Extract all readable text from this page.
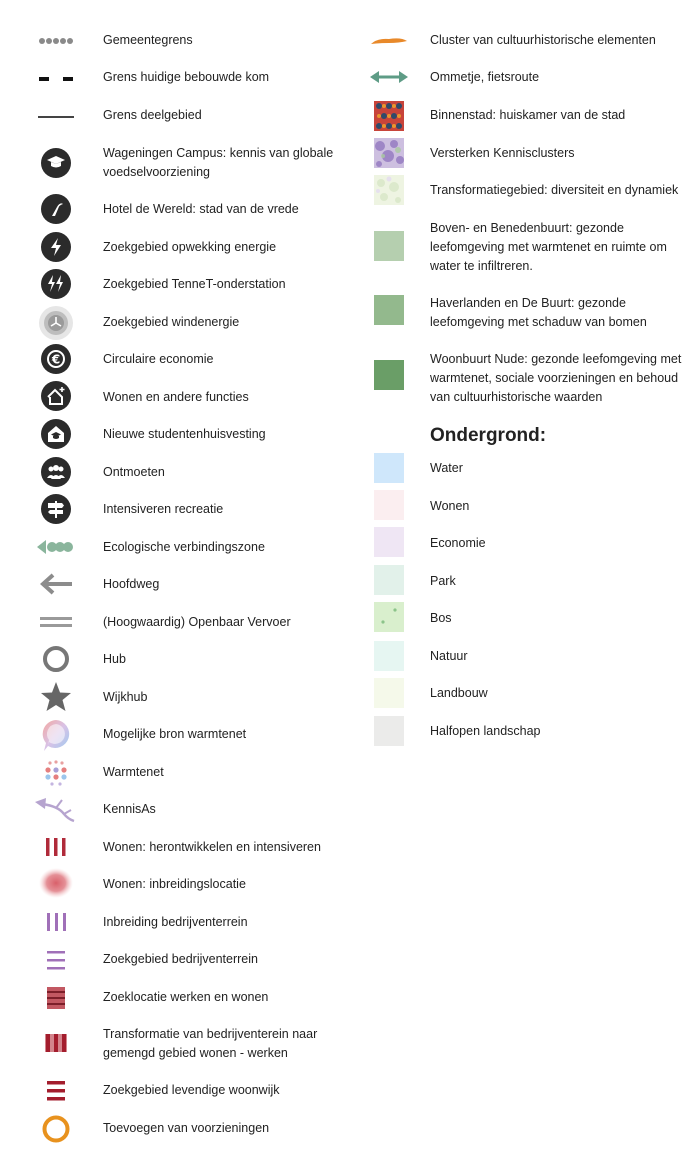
Gemeentegrens
Grens huidige bebouwde kom
Grens deelgebied
Wageningen Campus: kennis van globale voedselvoorziening
Hotel de Wereld: stad van de vrede
Zoekgebied opwekking energie
Zoekgebied TenneT-onderstation
Zoekgebied windenergie
€	Circulaire economie
Wonen en andere functies
Nieuwe studentenhuisvesting
Ontmoeten
Intensiveren recreatie
Ecologische verbindingszone
Hoofdweg
(Hoogwaardig) Openbaar Vervoer
Hub
Wijkhub
Mogelijke bron warmtenet
Warmtenet
KennisAs
Wonen: herontwikkelen en intensiveren
Wonen: inbreidingslocatie
Inbreiding bedrijventerrein
Zoekgebied bedrijventerrein
Zoeklocatie werken en wonen
Transformatie van bedrijventerein naar gemengd gebied wonen - werken
Zoekgebied levendige woonwijk
Toevoegen van voorzieningen
Cluster van cultuurhistorische elementen
Ommetje, fietsroute
Binnenstad: huiskamer van de stad
Versterken Kennisclusters
Transformatiegebied: diversiteit en dynamiek
Boven- en Benedenbuurt: gezonde leefomgeving met warmtenet en ruimte om water te infiltreren.
Haverlanden en De Buurt: gezonde leefomgeving met schaduw van bomen
Woonbuurt Nude: gezonde leefomgeving met warmtenet, sociale voorzieningen en behoud van cultuurhistorische waarden
Ondergrond:
Water
Wonen
Economie
Park
Bos
Natuur
Landbouw
Halfopen landschap
